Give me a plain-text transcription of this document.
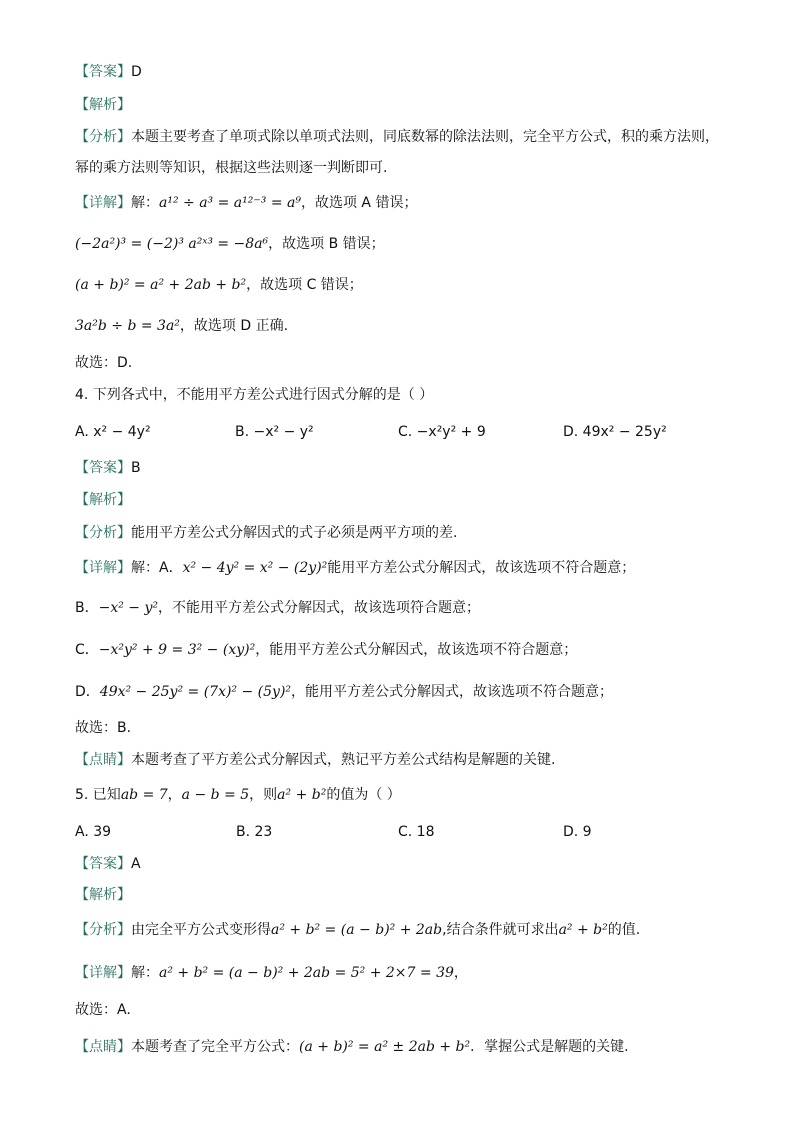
【答案】D
【解析】
【分析】本题主要考查了单项式除以单项式法则，同底数幂的除法法则，完全平方公式，积的乘方法则，
幂的乘方法则等知识，根据这些法则逐一判断即可.
【详解】解：a¹² ÷ a³ = a¹²⁻³ = a⁹，故选项 A 错误；
(−2a²)³ = (−2)³ a²ˣ³ = −8a⁶，故选项 B 错误；
(a + b)² = a² + 2ab + b²，故选项 C 错误；
3a²b ÷ b = 3a²，故选项 D 正确.
故选：D.
4. 下列各式中，不能用平方差公式进行因式分解的是（ ）
A. x² − 4y²	B. −x² − y²	C. −x²y² + 9	D. 49x² − 25y²
【答案】B
【解析】
【分析】能用平方差公式分解因式的式子必须是两平方项的差.
【详解】解：A．x² − 4y² = x² − (2y)²能用平方差公式分解因式，故该选项不符合题意；
B．−x² − y²，不能用平方差公式分解因式，故该选项符合题意；
C．−x²y² + 9 = 3² − (xy)²，能用平方差公式分解因式，故该选项不符合题意；
D．49x² − 25y² = (7x)² − (5y)²，能用平方差公式分解因式，故该选项不符合题意；
故选：B.
【点睛】本题考查了平方差公式分解因式，熟记平方差公式结构是解题的关键.
5. 已知ab = 7，a − b = 5，则a² + b²的值为（ ）
A. 39	B. 23	C. 18	D. 9
【答案】A
【解析】
【分析】由完全平方公式变形得a² + b² = (a − b)² + 2ab,结合条件就可求出a² + b²的值.
【详解】解：a² + b² = (a − b)² + 2ab = 5² + 2×7 = 39，
故选：A.
【点睛】本题考查了完全平方公式：(a + b)² = a² ± 2ab + b²．掌握公式是解题的关键.
